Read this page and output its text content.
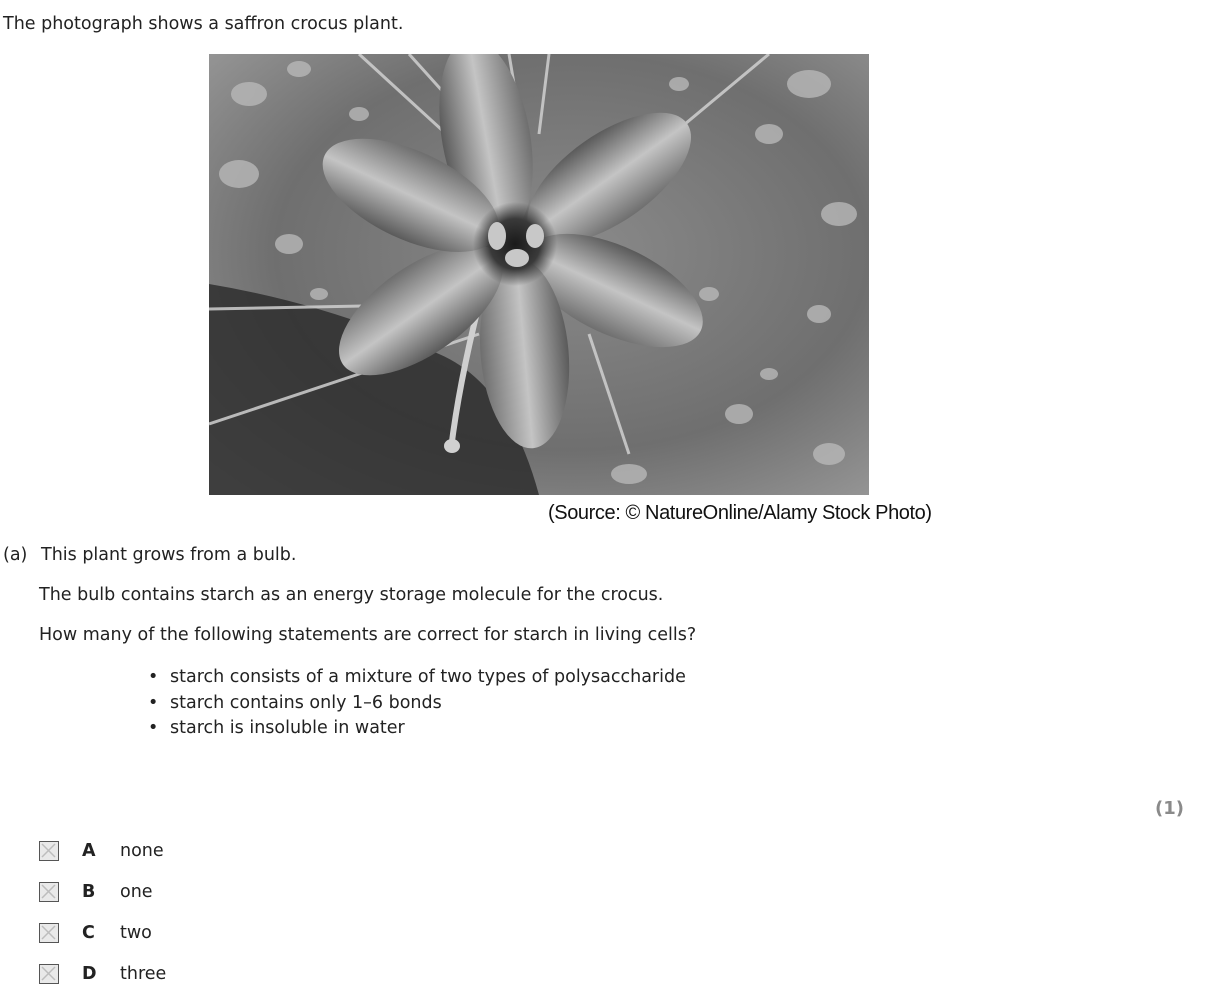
The photograph shows a saffron crocus plant.
(Source: © NatureOnline/Alamy Stock Photo)
(a) This plant grows from a bulb.
The bulb contains starch as an energy storage molecule for the crocus.
How many of the following statements are correct for starch in living cells?
• starch consists of a mixture of two types of polysaccharide
• starch contains only 1–6 bonds
• starch is insoluble in water
(1)
A none
B one
C two
D three
